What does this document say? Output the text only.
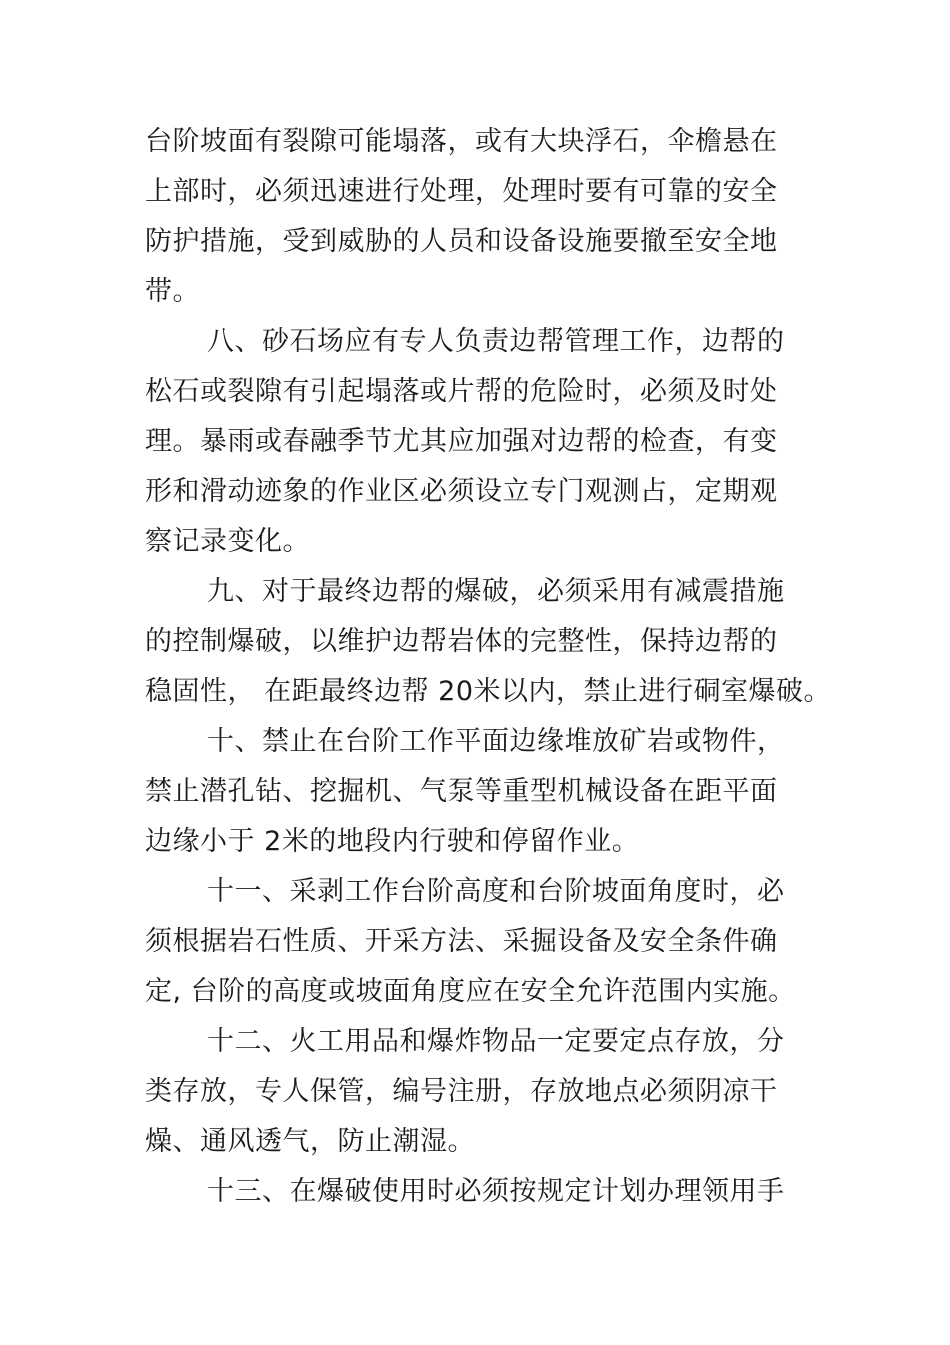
台阶坡面有裂隙可能塌落，或有大块浮石，伞檐悬在
上部时，必须迅速进行处理，处理时要有可靠的安全
防护措施，受到威胁的人员和设备设施要撤至安全地
带。
八、砂石场应有专人负责边帮管理工作，边帮的
松石或裂隙有引起塌落或片帮的危险时，必须及时处
理。暴雨或春融季节尤其应加强对边帮的检查，有变
形和滑动迹象的作业区必须设立专门观测占，定期观
察记录变化。
九、对于最终边帮的爆破，必须采用有减震措施
的控制爆破，以维护边帮岩体的完整性，保持边帮的
稳固性， 在距最终边帮 20米以内，禁止进行硐室爆破。
十、禁止在台阶工作平面边缘堆放矿岩或物件，
禁止潜孔钻、挖掘机、气泵等重型机械设备在距平面
边缘小于 2米的地段内行驶和停留作业。
十一、采剥工作台阶高度和台阶坡面角度时，必
须根据岩石性质、开采方法、采掘设备及安全条件确
定, 台阶的高度或坡面角度应在安全允许范围内实施。
十二、火工用品和爆炸物品一定要定点存放，分
类存放，专人保管，编号注册，存放地点必须阴凉干
燥、通风透气，防止潮湿。
十三、在爆破使用时必须按规定计划办理领用手
